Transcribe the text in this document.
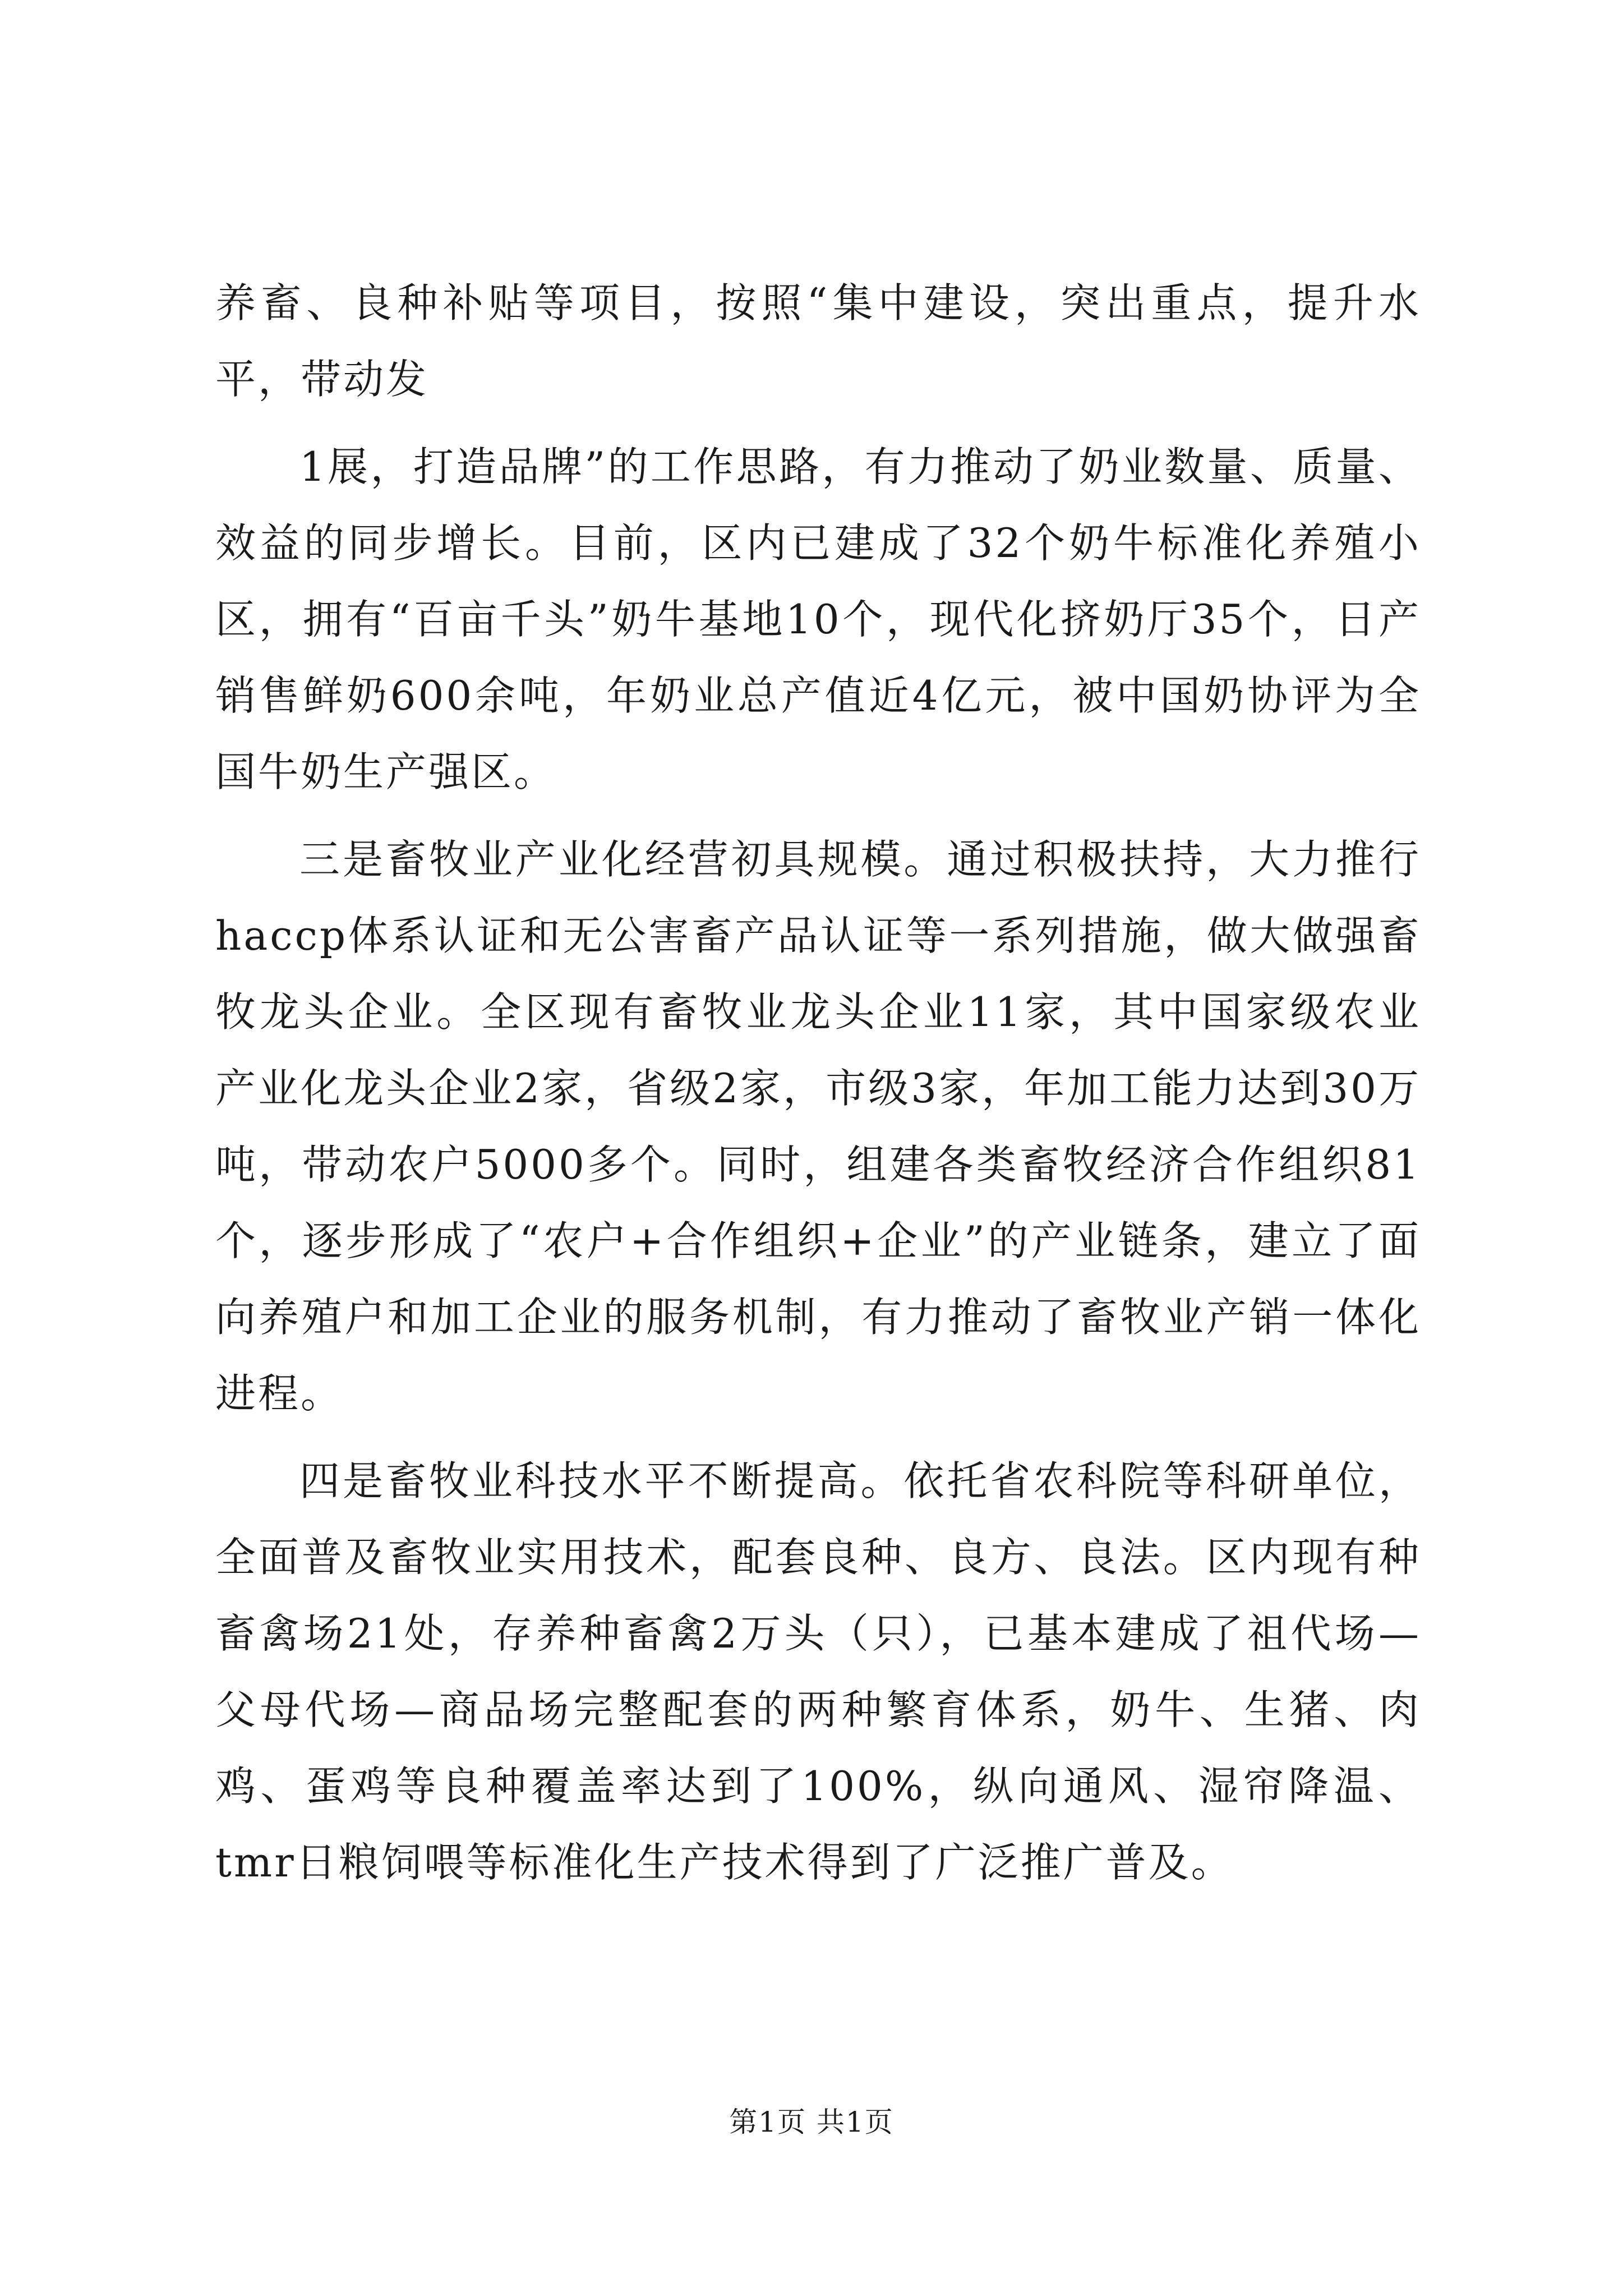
养畜、良种补贴等项目，按照“集中建设，突出重点，提升水平，带动发

1展，打造品牌”的工作思路，有力推动了奶业数量、质量、效益的同步增长。目前，区内已建成了32个奶牛标准化养殖小区，拥有“百亩千头”奶牛基地10个，现代化挤奶厅35个，日产销售鲜奶600余吨，年奶业总产值近4亿元，被中国奶协评为全国牛奶生产强区。

三是畜牧业产业化经营初具规模。通过积极扶持，大力推行haccp体系认证和无公害畜产品认证等一系列措施，做大做强畜牧龙头企业。全区现有畜牧业龙头企业11家，其中国家级农业产业化龙头企业2家，省级2家，市级3家，年加工能力达到30万吨，带动农户5000多个。同时，组建各类畜牧经济合作组织81个，逐步形成了“农户+合作组织+企业”的产业链条，建立了面向养殖户和加工企业的服务机制，有力推动了畜牧业产销一体化进程。

四是畜牧业科技水平不断提高。依托省农科院等科研单位，全面普及畜牧业实用技术，配套良种、良方、良法。区内现有种畜禽场21处，存养种畜禽2万头（只），已基本建成了祖代场—父母代场—商品场完整配套的两种繁育体系，奶牛、生猪、肉鸡、蛋鸡等良种覆盖率达到了100%，纵向通风、湿帘降温、tmr日粮饲喂等标准化生产技术得到了广泛推广普及。

第1页 共1页
